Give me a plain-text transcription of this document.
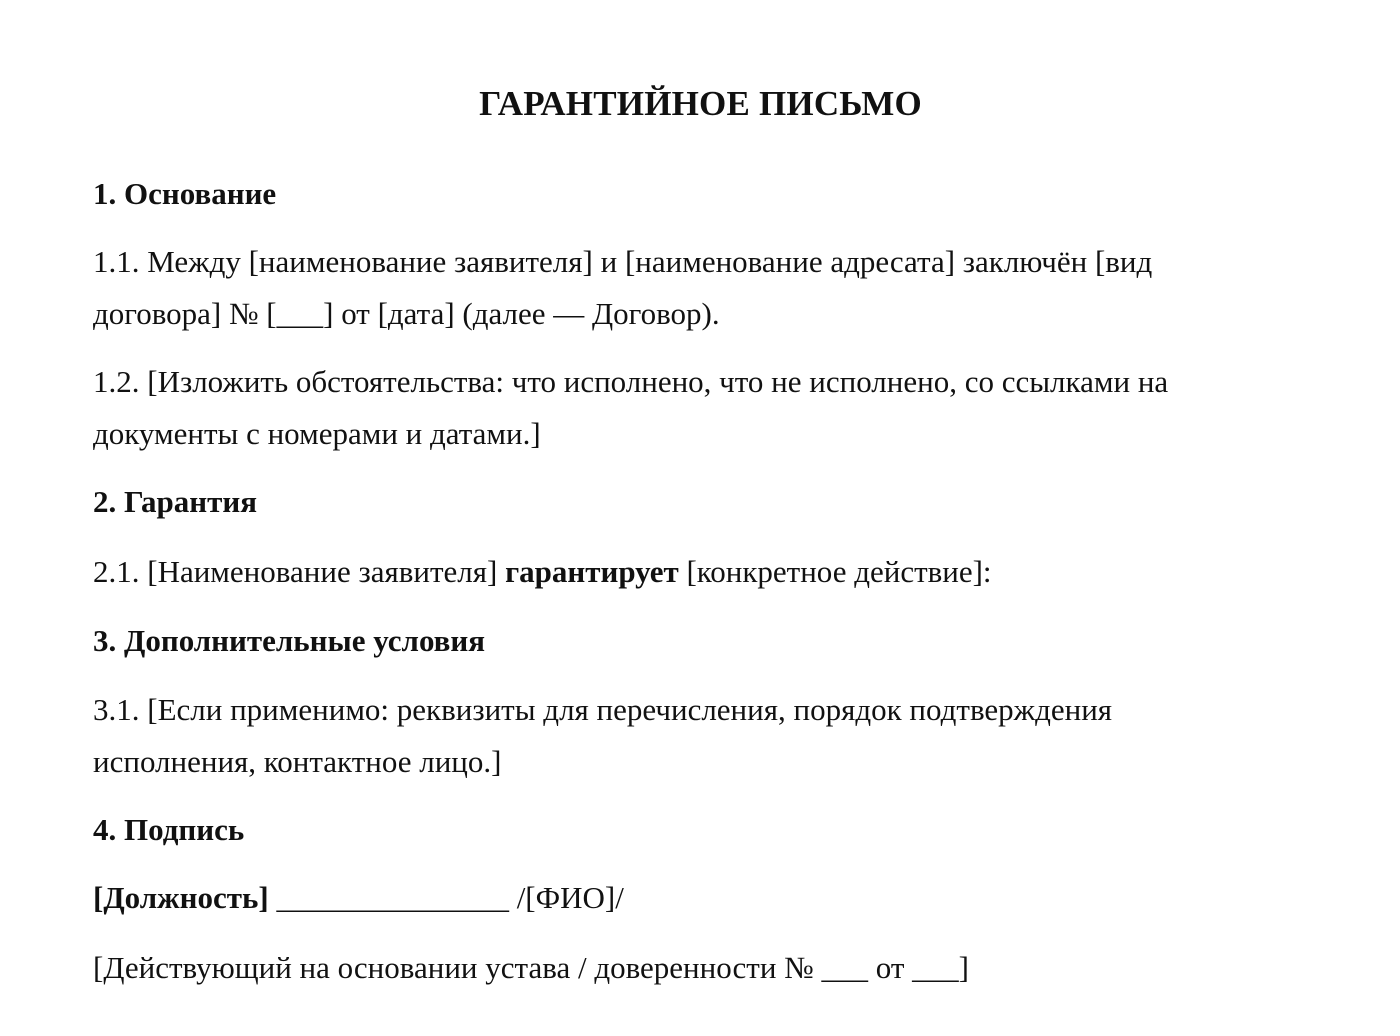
ГАРАНТИЙНОЕ ПИСЬМО
1. Основание
1.1. Между [наименование заявителя] и [наименование адресата] заключён [вид
договора] № [___] от [дата] (далее — Договор).
1.2. [Изложить обстоятельства: что исполнено, что не исполнено, со ссылками на
документы с номерами и датами.]
2. Гарантия
2.1. [Наименование заявителя] гарантирует [конкретное действие]:
3. Дополнительные условия
3.1. [Если применимо: реквизиты для перечисления, порядок подтверждения
исполнения, контактное лицо.]
4. Подпись
[Должность] _______________ /[ФИО]/
[Действующий на основании устава / доверенности № ___ от ___]
